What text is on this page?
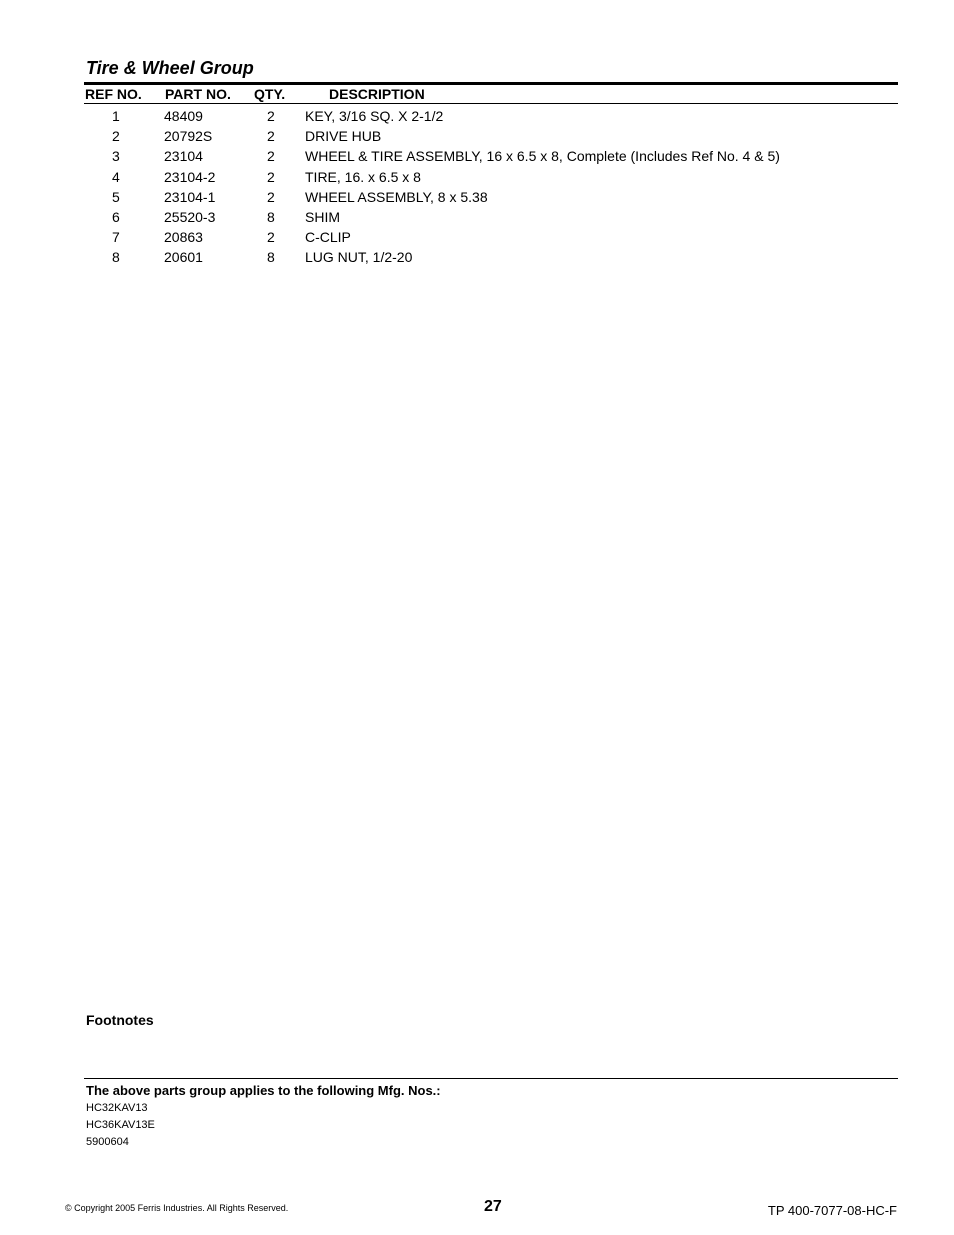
Tire & Wheel Group
REF NO. PART NO. QTY.	DESCRIPTION
1	48409	2 KEY, 3/16 SQ. X 2-1/2
2	20792S	2 DRIVE HUB
3	23104	2 WHEEL & TIRE ASSEMBLY, 16 x 6.5 x 8, Complete (Includes Ref No. 4 & 5)
4	23104-2	2 TIRE, 16. x 6.5 x 8
5	23104-1	2 WHEEL ASSEMBLY, 8 x 5.38
6	25520-3	8 SHIM
7	20863	2 C-CLIP
8	20601	8 LUG NUT, 1/2-20
Footnotes
The above parts group applies to the following Mfg. Nos.:
HC32KAV13
HC36KAV13E
5900604
© Copyright 2005 Ferris Industries. All Rights Reserved.	27	TP 400-7077-08-HC-F
